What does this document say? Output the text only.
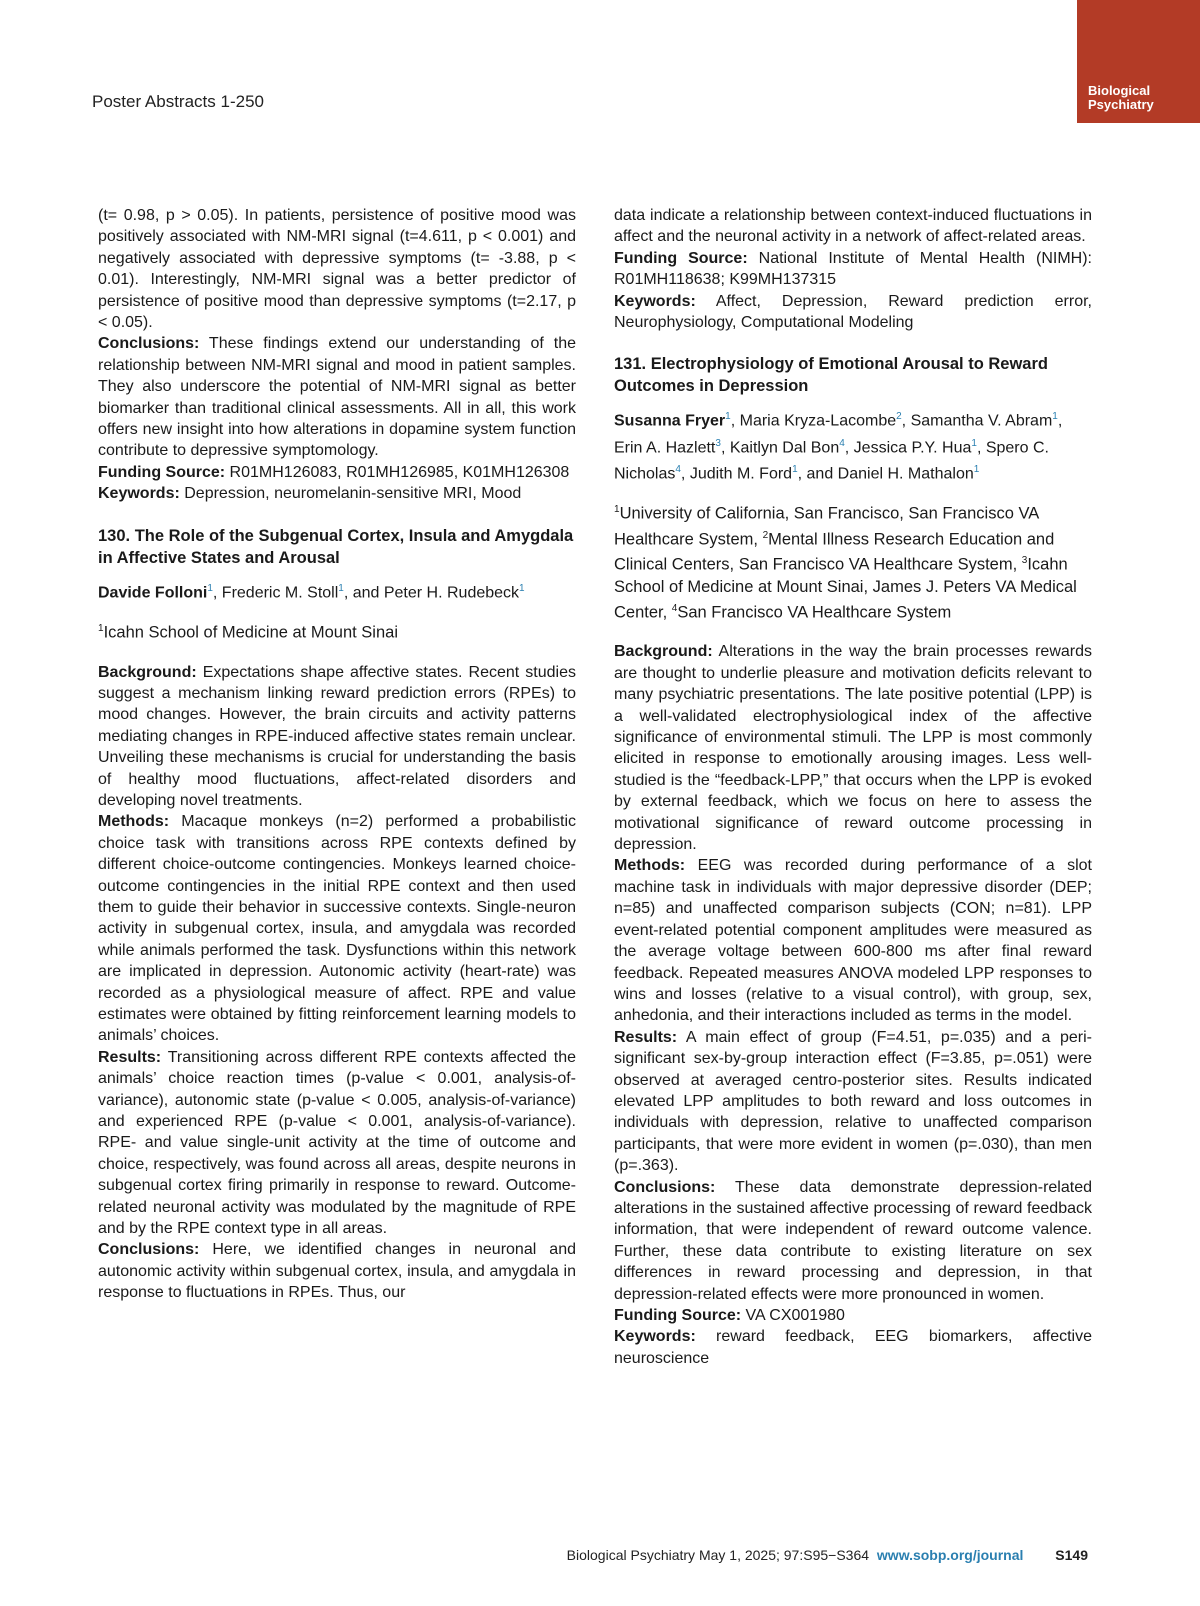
Poster Abstracts 1-250
Biological
Psychiatry

(t= 0.98, p > 0.05). In patients, persistence of positive mood was positively associated with NM-MRI signal (t=4.611, p < 0.001) and negatively associated with depressive symptoms (t= -3.88, p < 0.01). Interestingly, NM-MRI signal was a better predictor of persistence of positive mood than depressive symptoms (t=2.17, p < 0.05).

Conclusions: These findings extend our understanding of the relationship between NM-MRI signal and mood in patient samples. They also underscore the potential of NM-MRI signal as better biomarker than traditional clinical assessments. All in all, this work offers new insight into how alterations in dopamine system function contribute to depressive symptomology.

Funding Source: R01MH126083, R01MH126985, K01MH126308

Keywords: Depression, neuromelanin-sensitive MRI, Mood

130. The Role of the Subgenual Cortex, Insula and Amygdala in Affective States and Arousal

Davide Folloni$^1$, Frederic M. Stoll$^1$, and Peter H. Rudebeck$^1$

$^1$Icahn School of Medicine at Mount Sinai

Background: Expectations shape affective states. Recent studies suggest a mechanism linking reward prediction errors (RPEs) to mood changes. However, the brain circuits and activity patterns mediating changes in RPE-induced affective states remain unclear. Unveiling these mechanisms is crucial for understanding the basis of healthy mood fluctuations, affect-related disorders and developing novel treatments.

Methods: Macaque monkeys (n=2) performed a probabilistic choice task with transitions across RPE contexts defined by different choice-outcome contingencies. Monkeys learned choice-outcome contingencies in the initial RPE context and then used them to guide their behavior in successive contexts. Single-neuron activity in subgenual cortex, insula, and amygdala was recorded while animals performed the task. Dysfunctions within this network are implicated in depression. Autonomic activity (heart-rate) was recorded as a physiological measure of affect. RPE and value estimates were obtained by fitting reinforcement learning models to animals’ choices.

Results: Transitioning across different RPE contexts affected the animals’ choice reaction times (p-value < 0.001, analysis-of-variance), autonomic state (p-value < 0.005, analysis-of-variance) and experienced RPE (p-value < 0.001, analysis-of-variance). RPE- and value single-unit activity at the time of outcome and choice, respectively, was found across all areas, despite neurons in subgenual cortex firing primarily in response to reward. Outcome-related neuronal activity was modulated by the magnitude of RPE and by the RPE context type in all areas.

Conclusions: Here, we identified changes in neuronal and autonomic activity within subgenual cortex, insula, and amygdala in response to fluctuations in RPEs. Thus, our

data indicate a relationship between context-induced fluctuations in affect and the neuronal activity in a network of affect-related areas.

Funding Source: National Institute of Mental Health (NIMH): R01MH118638; K99MH137315

Keywords: Affect, Depression, Reward prediction error, Neurophysiology, Computational Modeling

131. Electrophysiology of Emotional Arousal to Reward Outcomes in Depression

Susanna Fryer$^1$, Maria Kryza-Lacombe$^2$, Samantha V. Abram$^1$, Erin A. Hazlett$^3$, Kaitlyn Dal Bon$^4$, Jessica P.Y. Hua$^1$, Spero C. Nicholas$^4$, Judith M. Ford$^1$, and Daniel H. Mathalon$^1$

$^1$University of California, San Francisco, San Francisco VA Healthcare System, $^2$Mental Illness Research Education and Clinical Centers, San Francisco VA Healthcare System, $^3$Icahn School of Medicine at Mount Sinai, James J. Peters VA Medical Center, $^4$San Francisco VA Healthcare System

Background: Alterations in the way the brain processes rewards are thought to underlie pleasure and motivation deficits relevant to many psychiatric presentations. The late positive potential (LPP) is a well-validated electrophysiological index of the affective significance of environmental stimuli. The LPP is most commonly elicited in response to emotionally arousing images. Less well-studied is the “feedback-LPP,” that occurs when the LPP is evoked by external feedback, which we focus on here to assess the motivational significance of reward outcome processing in depression.

Methods: EEG was recorded during performance of a slot machine task in individuals with major depressive disorder (DEP; n=85) and unaffected comparison subjects (CON; n=81). LPP event-related potential component amplitudes were measured as the average voltage between 600-800 ms after final reward feedback. Repeated measures ANOVA modeled LPP responses to wins and losses (relative to a visual control), with group, sex, anhedonia, and their interactions included as terms in the model.

Results: A main effect of group (F=4.51, p=.035) and a peri-significant sex-by-group interaction effect (F=3.85, p=.051) were observed at averaged centro-posterior sites. Results indicated elevated LPP amplitudes to both reward and loss outcomes in individuals with depression, relative to unaffected comparison participants, that were more evident in women (p=.030), than men (p=.363).

Conclusions: These data demonstrate depression-related alterations in the sustained affective processing of reward feedback information, that were independent of reward outcome valence. Further, these data contribute to existing literature on sex differences in reward processing and depression, in that depression-related effects were more pronounced in women.

Funding Source: VA CX001980

Keywords: reward feedback, EEG biomarkers, affective neuroscience

Biological Psychiatry May 1, 2025; 97:S95−S364 www.sobp.org/journal S149
